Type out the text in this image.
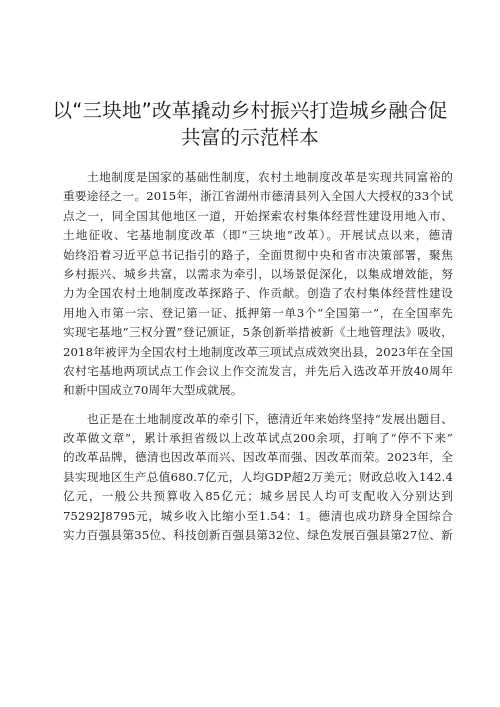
以“三块地”改革撬动乡村振兴打造城乡融合促
共富的示范样本
土地制度是国家的基础性制度，农村土地制度改革是实现共同富裕的
重要途径之一。2015年，浙江省湖州市德清县列入全国人大授权的33个试
点之一，同全国其他地区一道，开始探索农村集体经营性建设用地入市、
土地征收、宅基地制度改革（即“三块地”改革）。开展试点以来，德清
始终沿着习近平总书记指引的路子，全面贯彻中央和省市决策部署，聚焦
乡村振兴、城乡共富，以需求为牵引，以场景促深化，以集成增效能，努
力为全国农村土地制度改革探路子、作贡献。创造了农村集体经营性建设
用地入市第一宗、登记第一证、抵押第一单3个“全国第一”，在全国率先
实现宅基地“三权分置”登记颁证，5条创新举措被新《土地管理法》吸收，
2018年被评为全国农村土地制度改革三项试点成效突出县，2023年在全国
农村宅基地两项试点工作会议上作交流发言，并先后入选改革开放40周年
和新中国成立70周年大型成就展。
也正是在土地制度改革的牵引下，德清近年来始终坚持“发展出题目、
改革做文章”，累计承担省级以上改革试点200余项，打响了“停不下来”
的改革品牌，德清也因改革而兴、因改革而强、因改革而荣。2023年，全
县实现地区生产总值680.7亿元，人均GDP超2万美元；财政总收入142.4
亿元，一般公共预算收入85亿元；城乡居民人均可支配收入分别达到
75292J8795元，城乡收入比缩小至1.54：1。德清也成功跻身全国综合
实力百强县第35位、科技创新百强县第32位、绿色发展百强县第27位、新
